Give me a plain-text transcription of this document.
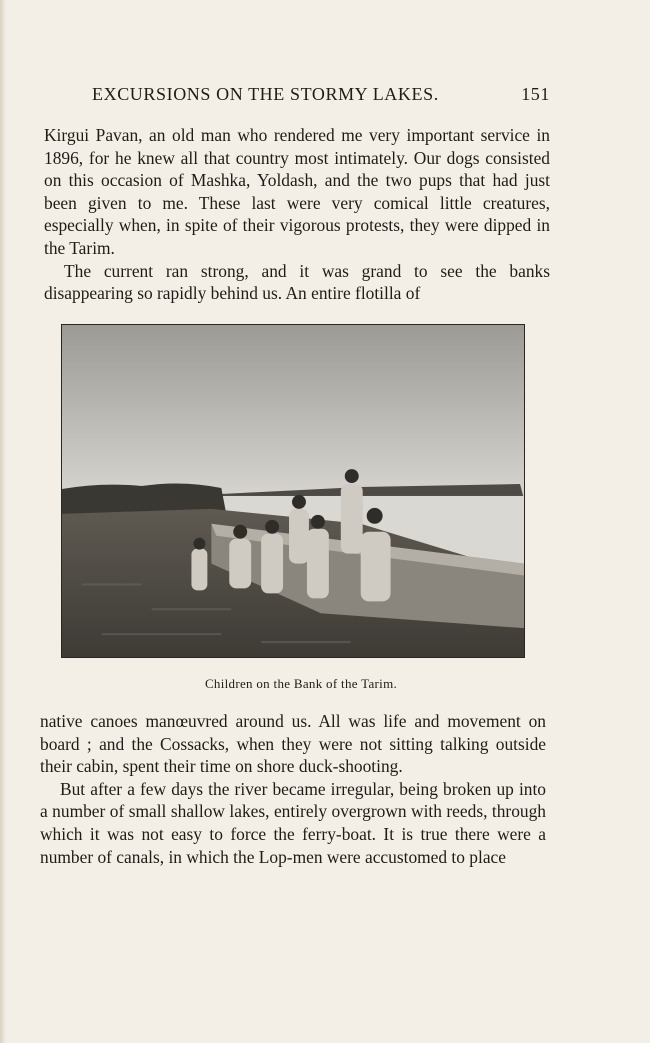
EXCURSIONS ON THE STORMY LAKES.	151

Kirgui Pavan, an old man who rendered me very important service in 1896, for he knew all that country most intimately. Our dogs consisted on this occasion of Mashka, Yoldash, and the two pups that had just been given to me. These last were very comical little creatures, especially when, in spite of their vigorous protests, they were dipped in the Tarim.

The current ran strong, and it was grand to see the banks disappearing so rapidly behind us. An entire flotilla of

Children on the Bank of the Tarim.

native canoes manœuvred around us. All was life and movement on board ; and the Cossacks, when they were not sitting talking outside their cabin, spent their time on shore duck-shooting.

But after a few days the river became irregular, being broken up into a number of small shallow lakes, entirely overgrown with reeds, through which it was not easy to force the ferry-boat. It is true there were a number of canals, in which the Lop-men were accustomed to place
